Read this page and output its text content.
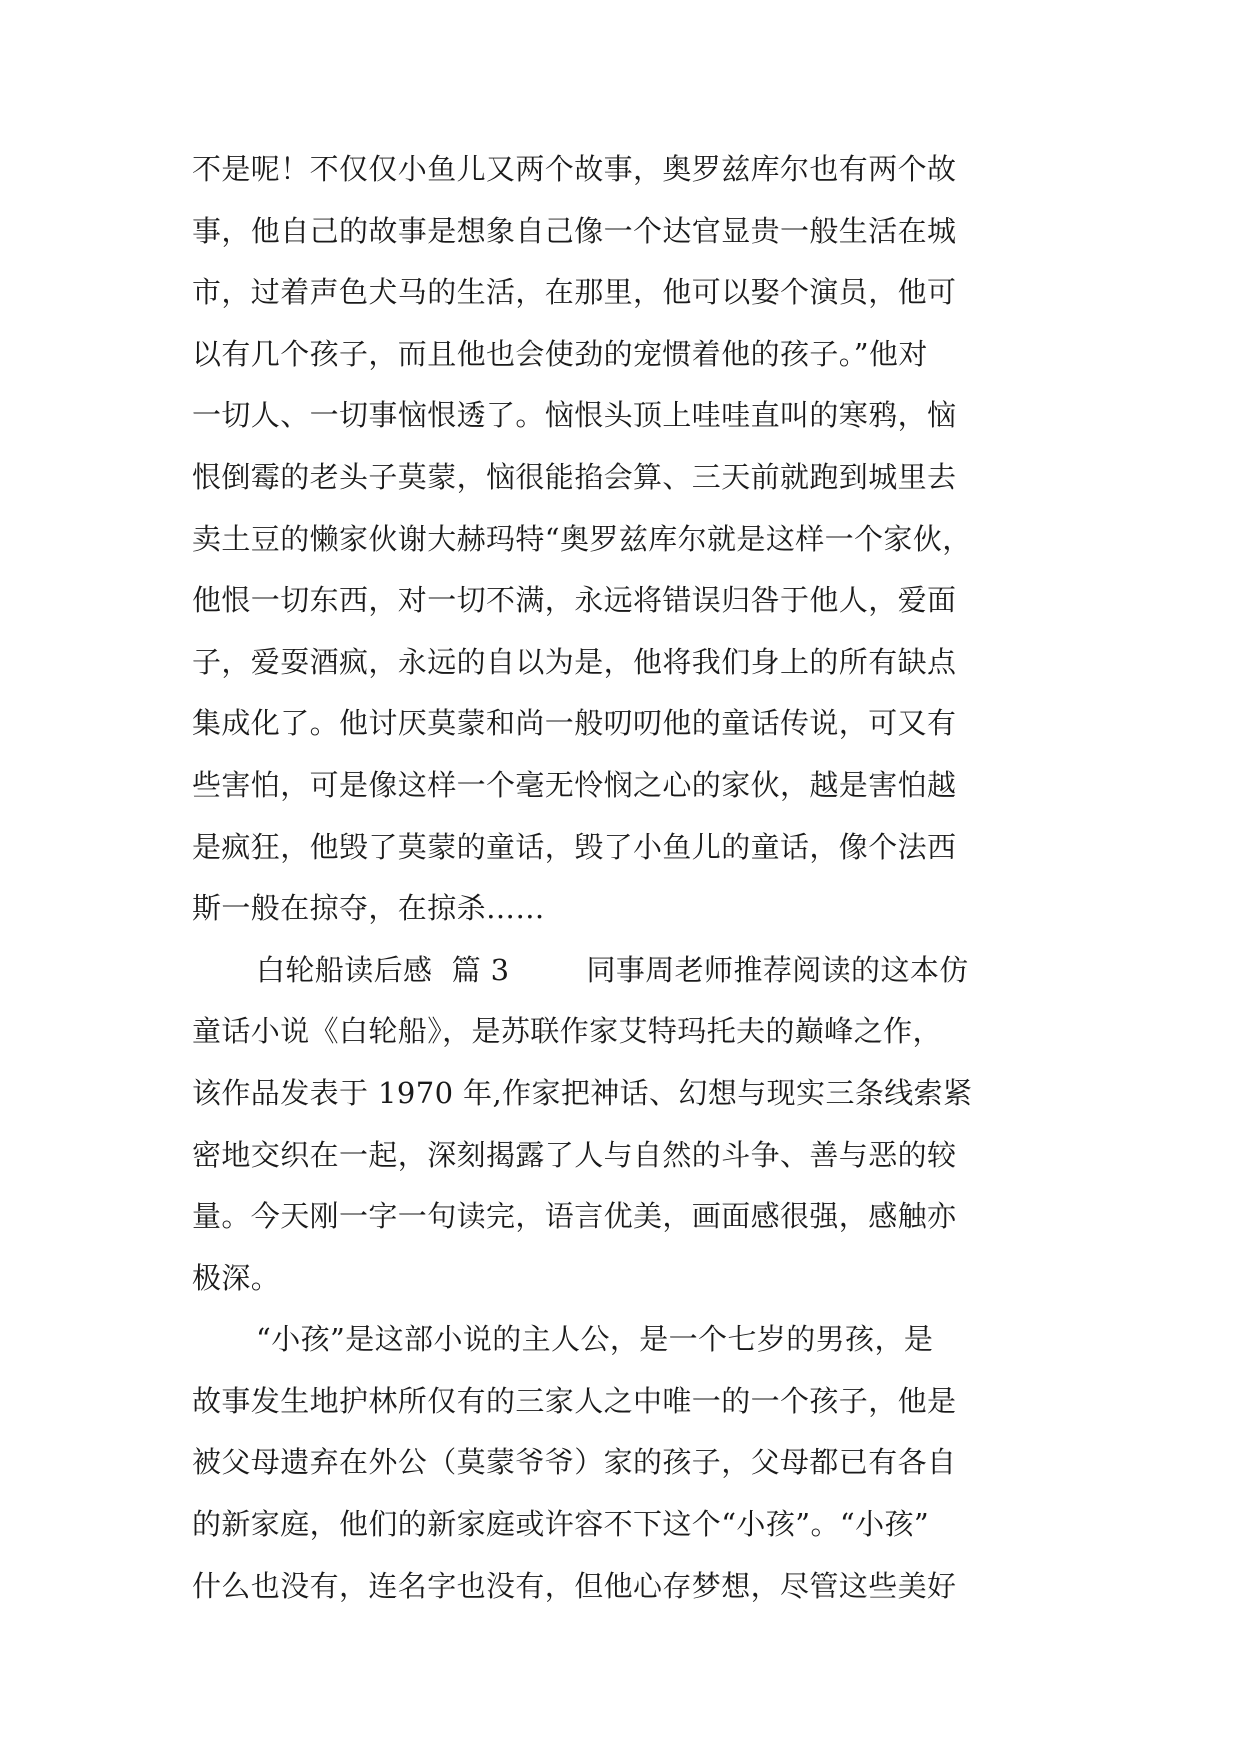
不是呢！不仅仅小鱼儿又两个故事，奥罗兹库尔也有两个故
事，他自己的故事是想象自己像一个达官显贵一般生活在城
市，过着声色犬马的生活，在那里，他可以娶个演员，他可
以有几个孩子，而且他也会使劲的宠惯着他的孩子。”他对
一切人、一切事恼恨透了。恼恨头顶上哇哇直叫的寒鸦，恼
恨倒霉的老头子莫蒙，恼很能掐会算、三天前就跑到城里去
卖土豆的懒家伙谢大赫玛特“奥罗兹库尔就是这样一个家伙，
他恨一切东西，对一切不满，永远将错误归咎于他人，爱面
子，爱耍酒疯，永远的自以为是，他将我们身上的所有缺点
集成化了。他讨厌莫蒙和尚一般叨叨他的童话传说，可又有
些害怕，可是像这样一个毫无怜悯之心的家伙，越是害怕越
是疯狂，他毁了莫蒙的童话，毁了小鱼儿的童话，像个法西
斯一般在掠夺，在掠杀……
白轮船读后感  篇 3        同事周老师推荐阅读的这本仿
童话小说《白轮船》，是苏联作家艾特玛托夫的巅峰之作，
该作品发表于 1970 年,作家把神话、幻想与现实三条线索紧
密地交织在一起，深刻揭露了人与自然的斗争、善与恶的较
量。今天刚一字一句读完，语言优美，画面感很强，感触亦
极深。
“小孩”是这部小说的主人公，是一个七岁的男孩，是
故事发生地护林所仅有的三家人之中唯一的一个孩子，他是
被父母遗弃在外公（莫蒙爷爷）家的孩子，父母都已有各自
的新家庭，他们的新家庭或许容不下这个“小孩”。“小孩”
什么也没有，连名字也没有，但他心存梦想，尽管这些美好
